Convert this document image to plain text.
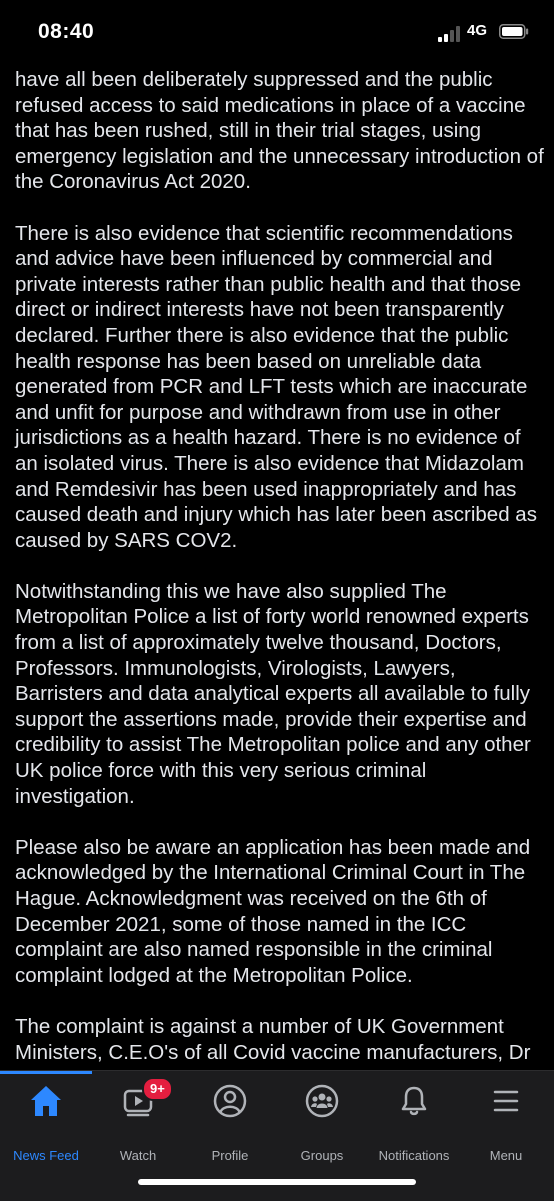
08:40	4G

have all been deliberately suppressed and the public refused access to said medications in place of a vaccine that has been rushed, still in their trial stages, using emergency legislation and the unnecessary introduction of the Coronavirus Act 2020.

There is also evidence that scientific recommendations and advice have been influenced by commercial and private interests rather than public health and that those direct or indirect interests have not been transparently declared. Further there is also evidence that the public health response has been based on unreliable data generated from PCR and LFT tests which are inaccurate and unfit for purpose and withdrawn from use in other jurisdictions as a health hazard. There is no evidence of an isolated virus. There is also evidence that Midazolam and Remdesivir has been used inappropriately and has caused death and injury which has later been ascribed as caused by SARS COV2.

Notwithstanding this we have also supplied The Metropolitan Police a list of forty world renowned experts from a list of approximately twelve thousand, Doctors, Professors. Immunologists, Virologists, Lawyers, Barristers and data analytical experts all available to fully support the assertions made, provide their expertise and credibility to assist The Metropolitan police and any other UK police force with this very serious criminal investigation.

Please also be aware an application has been made and acknowledged by the International Criminal Court in The Hague. Acknowledgment was received on the 6th of December 2021, some of those named in the ICC complaint are also named responsible in the criminal complaint lodged at the Metropolitan Police.

The complaint is against a number of UK Government Ministers, C.E.O's of all Covid vaccine manufacturers, Dr

News Feed
9+
Watch	Profile	Groups	Notifications	Menu
